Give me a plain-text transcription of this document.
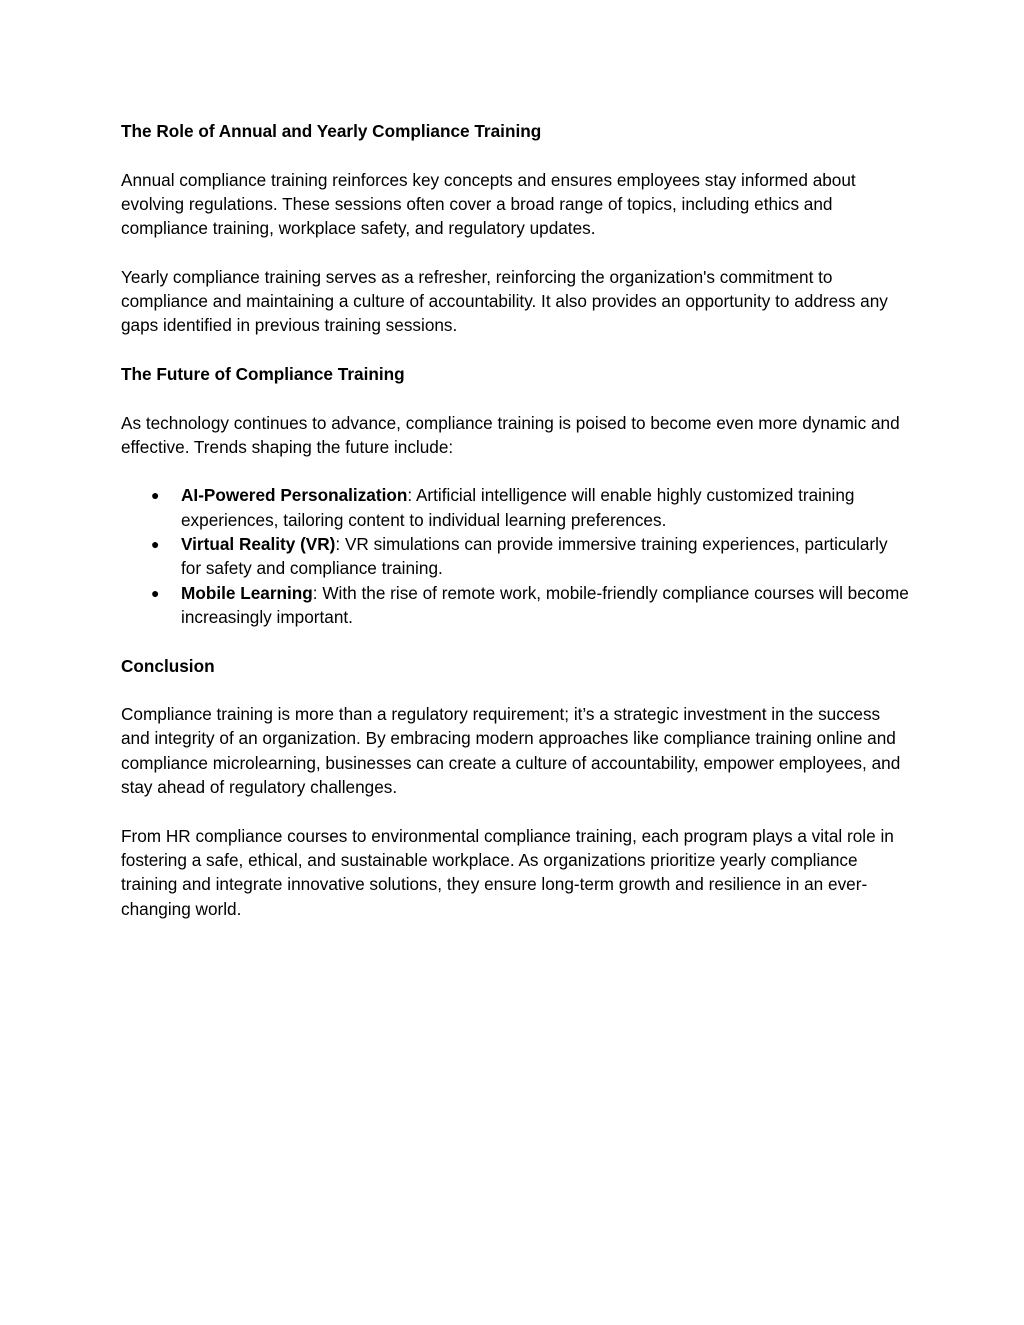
The Role of Annual and Yearly Compliance Training

Annual compliance training reinforces key concepts and ensures employees stay informed about evolving regulations. These sessions often cover a broad range of topics, including ethics and compliance training, workplace safety, and regulatory updates.

Yearly compliance training serves as a refresher, reinforcing the organization's commitment to compliance and maintaining a culture of accountability. It also provides an opportunity to address any gaps identified in previous training sessions.

The Future of Compliance Training

As technology continues to advance, compliance training is poised to become even more dynamic and effective. Trends shaping the future include:

● AI-Powered Personalization: Artificial intelligence will enable highly customized training experiences, tailoring content to individual learning preferences.
● Virtual Reality (VR): VR simulations can provide immersive training experiences, particularly for safety and compliance training.
● Mobile Learning: With the rise of remote work, mobile-friendly compliance courses will become increasingly important.
Conclusion

Compliance training is more than a regulatory requirement; it’s a strategic investment in the success and integrity of an organization. By embracing modern approaches like compliance training online and compliance microlearning, businesses can create a culture of accountability, empower employees, and stay ahead of regulatory challenges.

From HR compliance courses to environmental compliance training, each program plays a vital role in fostering a safe, ethical, and sustainable workplace. As organizations prioritize yearly compliance training and integrate innovative solutions, they ensure long-term growth and resilience in an ever-changing world.
